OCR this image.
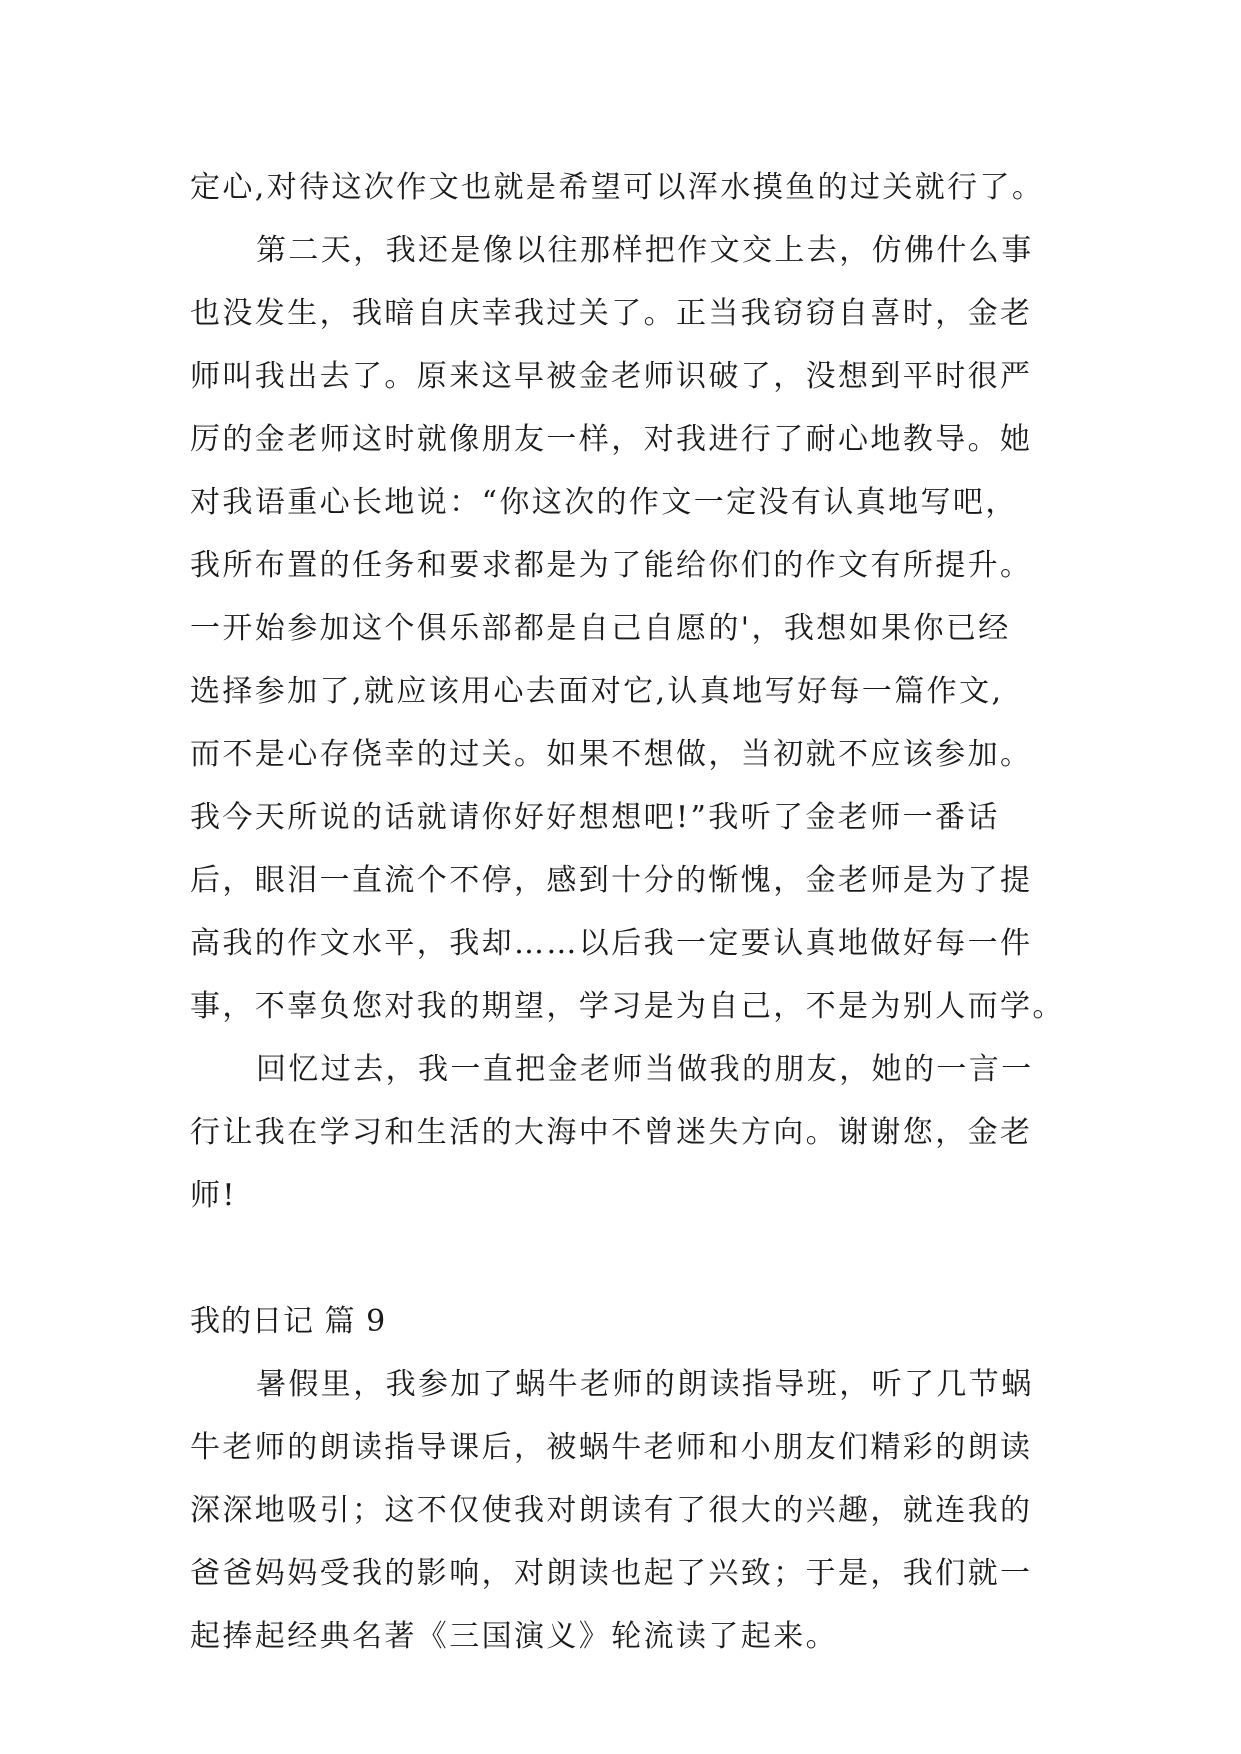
定心,对待这次作文也就是希望可以浑水摸鱼的过关就行了。
第二天，我还是像以往那样把作文交上去，仿佛什么事
也没发生，我暗自庆幸我过关了。正当我窃窃自喜时，金老
师叫我出去了。原来这早被金老师识破了，没想到平时很严
厉的金老师这时就像朋友一样，对我进行了耐心地教导。她
对我语重心长地说：“你这次的作文一定没有认真地写吧，
我所布置的任务和要求都是为了能给你们的作文有所提升。
一开始参加这个俱乐部都是自己自愿的'，我想如果你已经
选择参加了,就应该用心去面对它,认真地写好每一篇作文,
而不是心存侥幸的过关。如果不想做，当初就不应该参加。
我今天所说的话就请你好好想想吧!”我听了金老师一番话
后，眼泪一直流个不停，感到十分的惭愧，金老师是为了提
高我的作文水平，我却……以后我一定要认真地做好每一件
事，不辜负您对我的期望，学习是为自己，不是为别人而学。
回忆过去，我一直把金老师当做我的朋友，她的一言一
行让我在学习和生活的大海中不曾迷失方向。谢谢您，金老
师!
我的日记 篇 9
暑假里，我参加了蜗牛老师的朗读指导班，听了几节蜗
牛老师的朗读指导课后，被蜗牛老师和小朋友们精彩的朗读
深深地吸引；这不仅使我对朗读有了很大的兴趣，就连我的
爸爸妈妈受我的影响，对朗读也起了兴致；于是，我们就一
起捧起经典名著《三国演义》轮流读了起来。
